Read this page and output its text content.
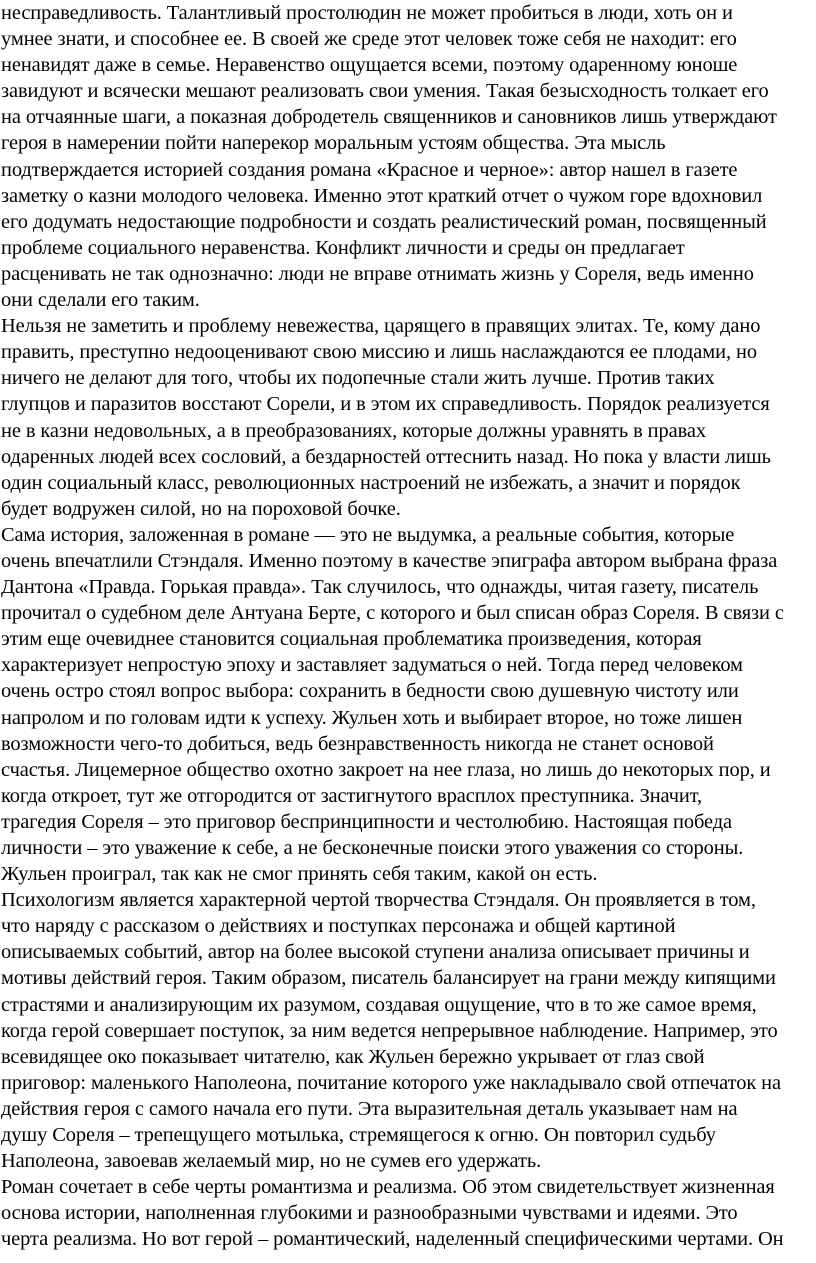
несправедливость. Талантливый простолюдин не может пробиться в люди, хоть он и
умнее знати, и способнее ее. В своей же среде этот человек тоже себя не находит: его
ненавидят даже в семье. Неравенство ощущается всеми, поэтому одаренному юноше
завидуют и всячески мешают реализовать свои умения. Такая безысходность толкает его
на отчаянные шаги, а показная добродетель священников и сановников лишь утверждают
героя в намерении пойти наперекор моральным устоям общества. Эта мысль
подтверждается историей создания романа «Красное и черное»: автор нашел в газете
заметку о казни молодого человека. Именно этот краткий отчет о чужом горе вдохновил
его додумать недостающие подробности и создать реалистический роман, посвященный
проблеме социального неравенства. Конфликт личности и среды он предлагает
расценивать не так однозначно: люди не вправе отнимать жизнь у Сореля, ведь именно
они сделали его таким.
Нельзя не заметить и проблему невежества, царящего в правящих элитах. Те, кому дано
править, преступно недооценивают свою миссию и лишь наслаждаются ее плодами, но
ничего не делают для того, чтобы их подопечные стали жить лучше. Против таких
глупцов и паразитов восстают Сорели, и в этом их справедливость. Порядок реализуется
не в казни недовольных, а в преобразованиях, которые должны уравнять в правах
одаренных людей всех сословий, а бездарностей оттеснить назад. Но пока у власти лишь
один социальный класс, революционных настроений не избежать, а значит и порядок
будет водружен силой, но на пороховой бочке.
Сама история, заложенная в романе — это не выдумка, а реальные события, которые
очень впечатлили Стэндаля. Именно поэтому в качестве эпиграфа автором выбрана фраза
Дантона «Правда. Горькая правда». Так случилось, что однажды, читая газету, писатель
прочитал о судебном деле Антуана Берте, с которого и был списан образ Сореля. В связи с
этим еще очевиднее становится социальная проблематика произведения, которая
характеризует непростую эпоху и заставляет задуматься о ней. Тогда перед человеком
очень остро стоял вопрос выбора: сохранить в бедности свою душевную чистоту или
напролом и по головам идти к успеху. Жульен хоть и выбирает второе, но тоже лишен
возможности чего-то добиться, ведь безнравственность никогда не станет основой
счастья. Лицемерное общество охотно закроет на нее глаза, но лишь до некоторых пор, и
когда откроет, тут же отгородится от застигнутого врасплох преступника. Значит,
трагедия Сореля – это приговор беспринципности и честолюбию. Настоящая победа
личности – это уважение к себе, а не бесконечные поиски этого уважения со стороны.
Жульен проиграл, так как не смог принять себя таким, какой он есть.
Психологизм является характерной чертой творчества Стэндаля. Он проявляется в том,
что наряду с рассказом о действиях и поступках персонажа и общей картиной
описываемых событий, автор на более высокой ступени анализа описывает причины и
мотивы действий героя. Таким образом, писатель балансирует на грани между кипящими
страстями и анализирующим их разумом, создавая ощущение, что в то же самое время,
когда герой совершает поступок, за ним ведется непрерывное наблюдение. Например, это
всевидящее око показывает читателю, как Жульен бережно укрывает от глаз свой
приговор: маленького Наполеона, почитание которого уже накладывало свой отпечаток на
действия героя с самого начала его пути. Эта выразительная деталь указывает нам на
душу Сореля – трепещущего мотылька, стремящегося к огню. Он повторил судьбу
Наполеона, завоевав желаемый мир, но не сумев его удержать.
Роман сочетает в себе черты романтизма и реализма. Об этом свидетельствует жизненная
основа истории, наполненная глубокими и разнообразными чувствами и идеями. Это
черта реализма. Но вот герой – романтический, наделенный специфическими чертами. Он
